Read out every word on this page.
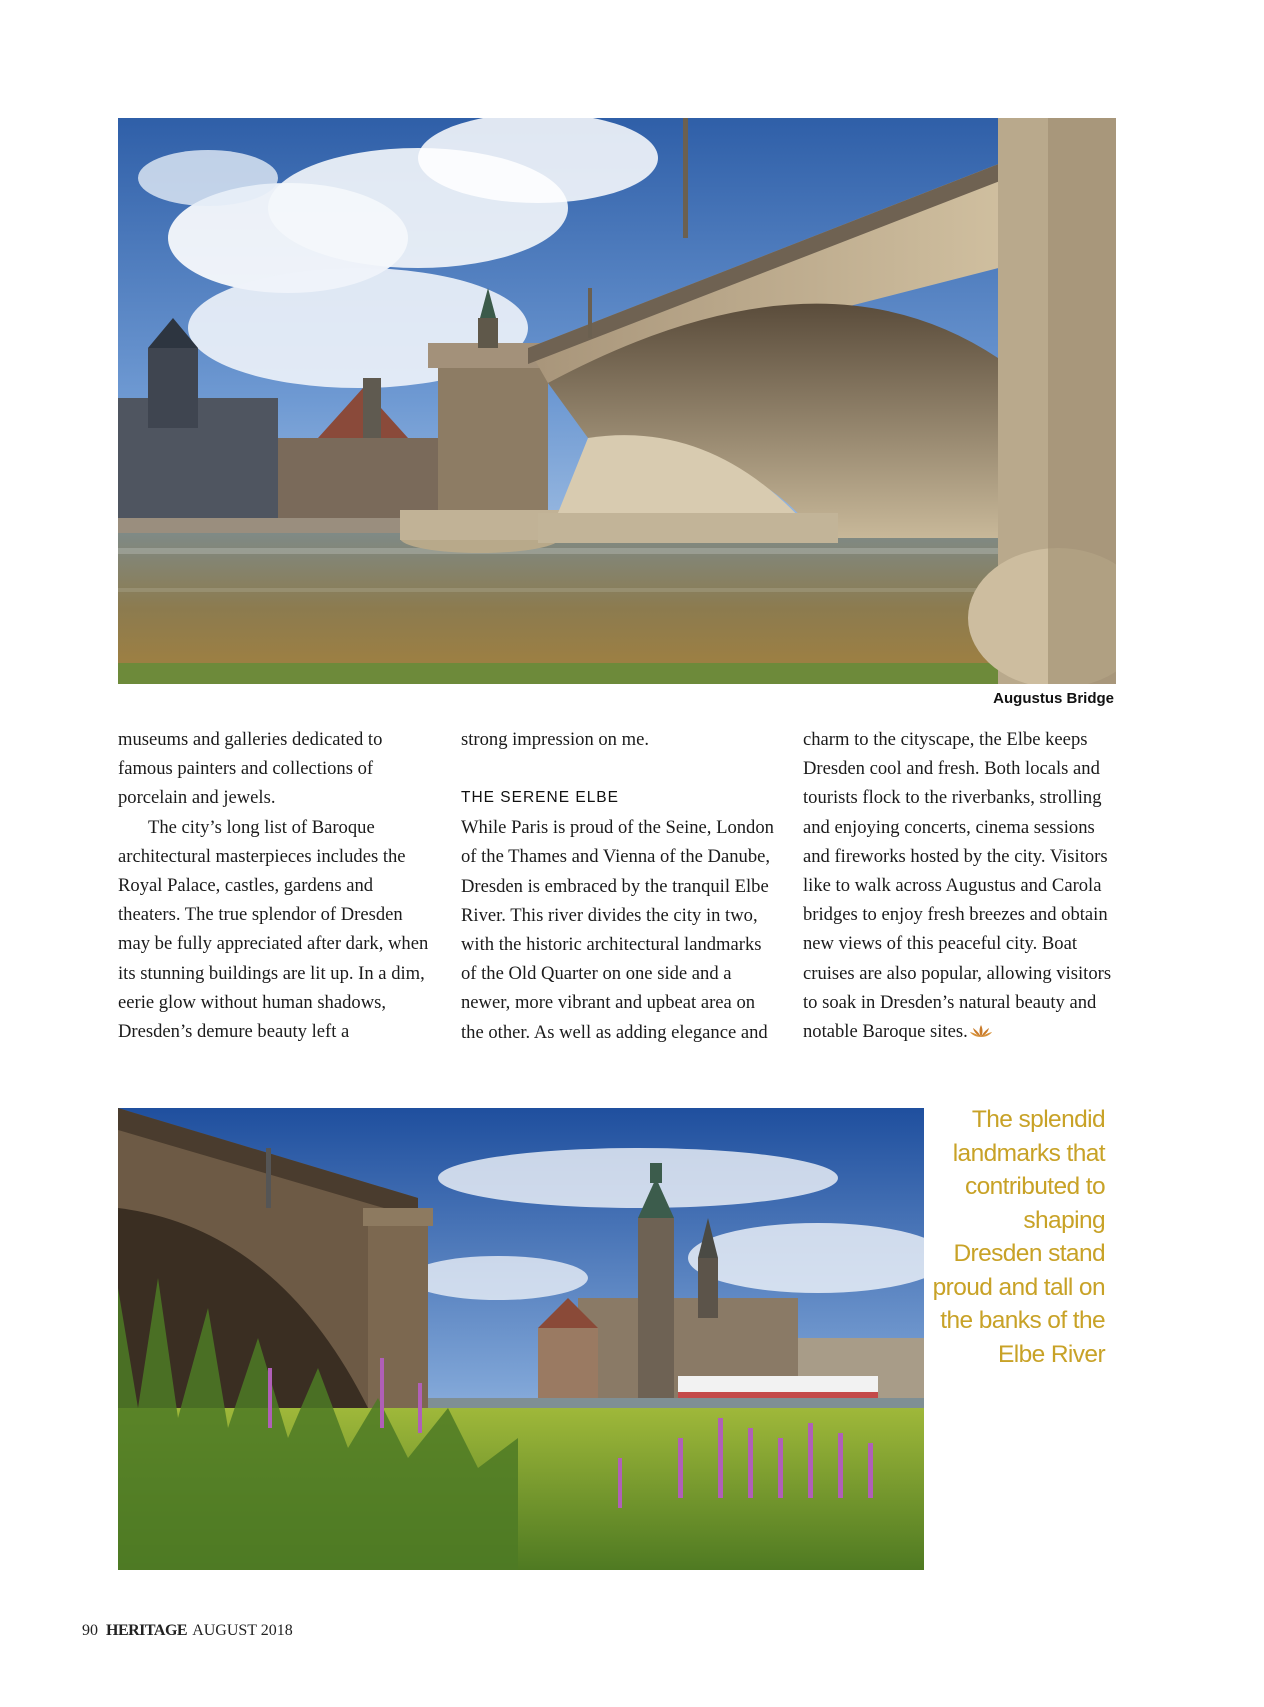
Augustus Bridge

museums and galleries dedicated to famous painters and collections of porcelain and jewels.

The city’s long list of Baroque architectural masterpieces includes the Royal Palace, castles, gardens and theaters. The true splendor of Dresden may be fully appreciated after dark, when its stunning buildings are lit up. In a dim, eerie glow without human shadows, Dresden’s demure beauty left a

strong impression on me.

THE SERENE ELBE

While Paris is proud of the Seine, London of the Thames and Vienna of the Danube, Dresden is embraced by the tranquil Elbe River. This river divides the city in two, with the historic architectural landmarks of the Old Quarter on one side and a newer, more vibrant and upbeat area on the other. As well as adding elegance and

charm to the cityscape, the Elbe keeps Dresden cool and fresh. Both locals and tourists flock to the riverbanks, strolling and enjoying concerts, cinema sessions and fireworks hosted by the city. Visitors like to walk across Augustus and Carola bridges to enjoy fresh breezes and obtain new views of this peaceful city. Boat cruises are also popular, allowing visitors to soak in Dresden’s natural beauty and notable Baroque sites.

The splendid landmarks that contributed to shaping Dresden stand proud and tall on the banks of the Elbe River
90 HERITAGE AUGUST 2018
